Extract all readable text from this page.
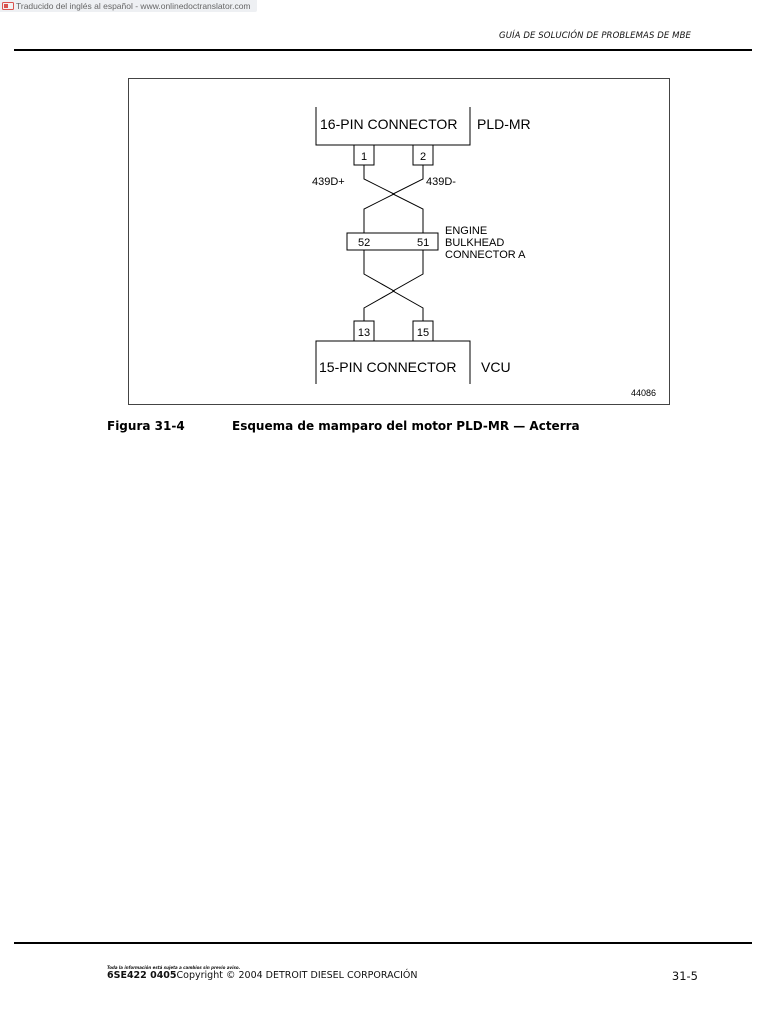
Traducido del inglés al español - www.onlinedoctranslator.com
GUÍA DE SOLUCIÓN DE PROBLEMAS DE MBE
16-PIN CONNECTOR PLD-MR
1	2
439D+	439D-
52	51
ENGINE
BULKHEAD
CONNECTOR A
13	15
15-PIN CONNECTOR VCU
44086
Figura 31-4	Esquema de mamparo del motor PLD-MR — Acterra
Toda la información está sujeta a cambios sin previo aviso.
6SE422 0405Copyright © 2004 DETROIT DIESEL CORPORACIÓN	31-5
